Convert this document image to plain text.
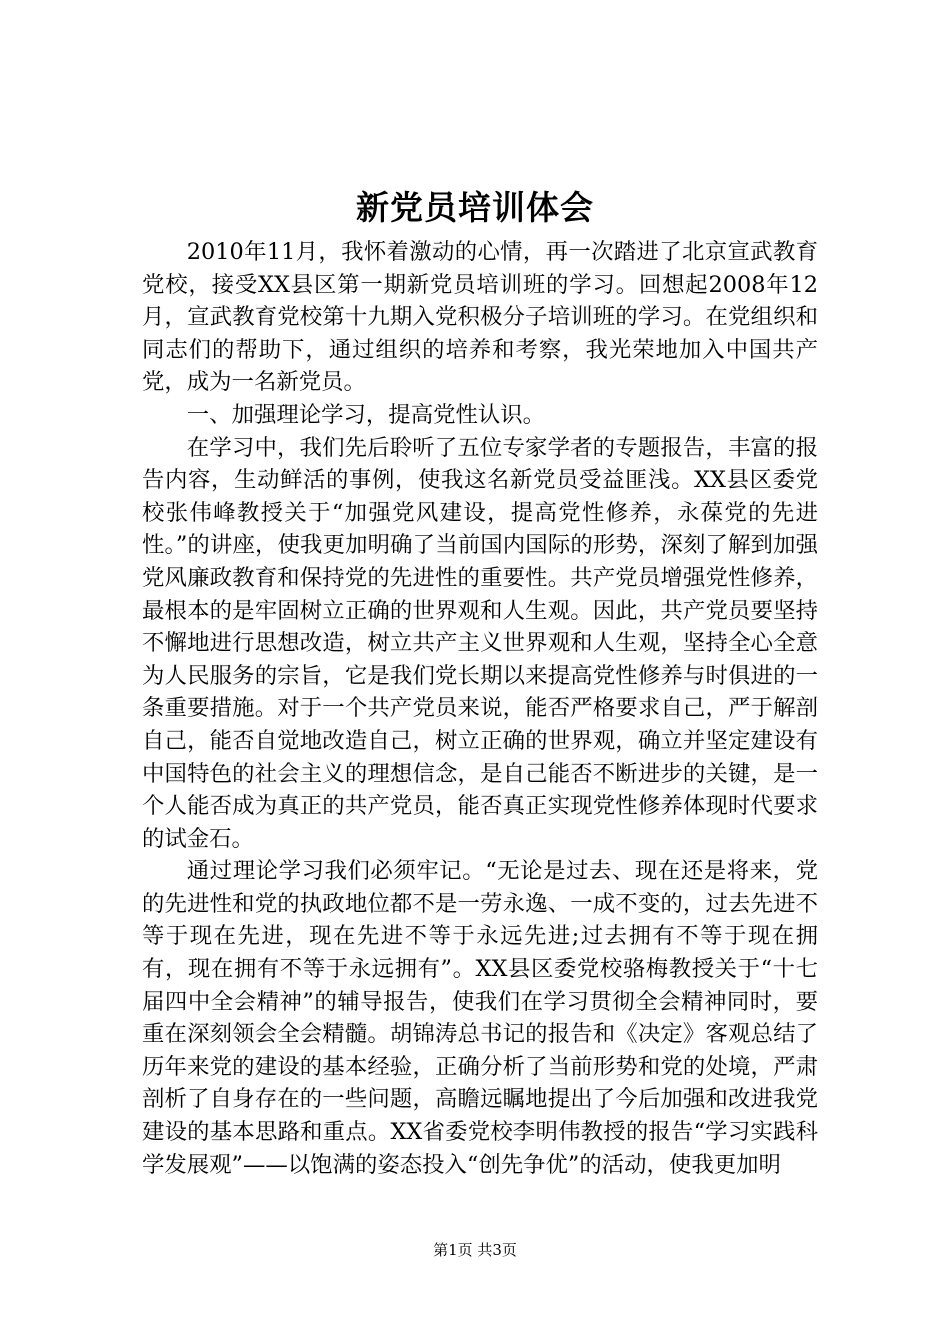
新党员培训体会

2010年11月，我怀着激动的心情，再一次踏进了北京宣武教育党校，接受XX县区第一期新党员培训班的学习。回想起2008年12月，宣武教育党校第十九期入党积极分子培训班的学习。在党组织和同志们的帮助下，通过组织的培养和考察，我光荣地加入中国共产党，成为一名新党员。

一、加强理论学习，提高党性认识。

在学习中，我们先后聆听了五位专家学者的专题报告，丰富的报告内容，生动鲜活的事例，使我这名新党员受益匪浅。XX县区委党校张伟峰教授关于“加强党风建设，提高党性修养，永葆党的先进性。”的讲座，使我更加明确了当前国内国际的形势，深刻了解到加强党风廉政教育和保持党的先进性的重要性。共产党员增强党性修养，最根本的是牢固树立正确的世界观和人生观。因此，共产党员要坚持不懈地进行思想改造，树立共产主义世界观和人生观，坚持全心全意为人民服务的宗旨，它是我们党长期以来提高党性修养与时俱进的一条重要措施。对于一个共产党员来说，能否严格要求自己，严于解剖自己，能否自觉地改造自己，树立正确的世界观，确立并坚定建设有中国特色的社会主义的理想信念，是自己能否不断进步的关键，是一个人能否成为真正的共产党员，能否真正实现党性修养体现时代要求的试金石。

通过理论学习我们必须牢记。“无论是过去、现在还是将来，党的先进性和党的执政地位都不是一劳永逸、一成不变的，过去先进不等于现在先进，现在先进不等于永远先进;过去拥有不等于现在拥有，现在拥有不等于永远拥有”。XX县区委党校骆梅教授关于“十七届四中全会精神”的辅导报告，使我们在学习贯彻全会精神同时，要重在深刻领会全会精髓。胡锦涛总书记的报告和《决定》客观总结了历年来党的建设的基本经验，正确分析了当前形势和党的处境，严肃剖析了自身存在的一些问题，高瞻远瞩地提出了今后加强和改进我党建设的基本思路和重点。XX省委党校李明伟教授的报告“学习实践科学发展观”——以饱满的姿态投入“创先争优”的活动，使我更加明

第1页 共3页
